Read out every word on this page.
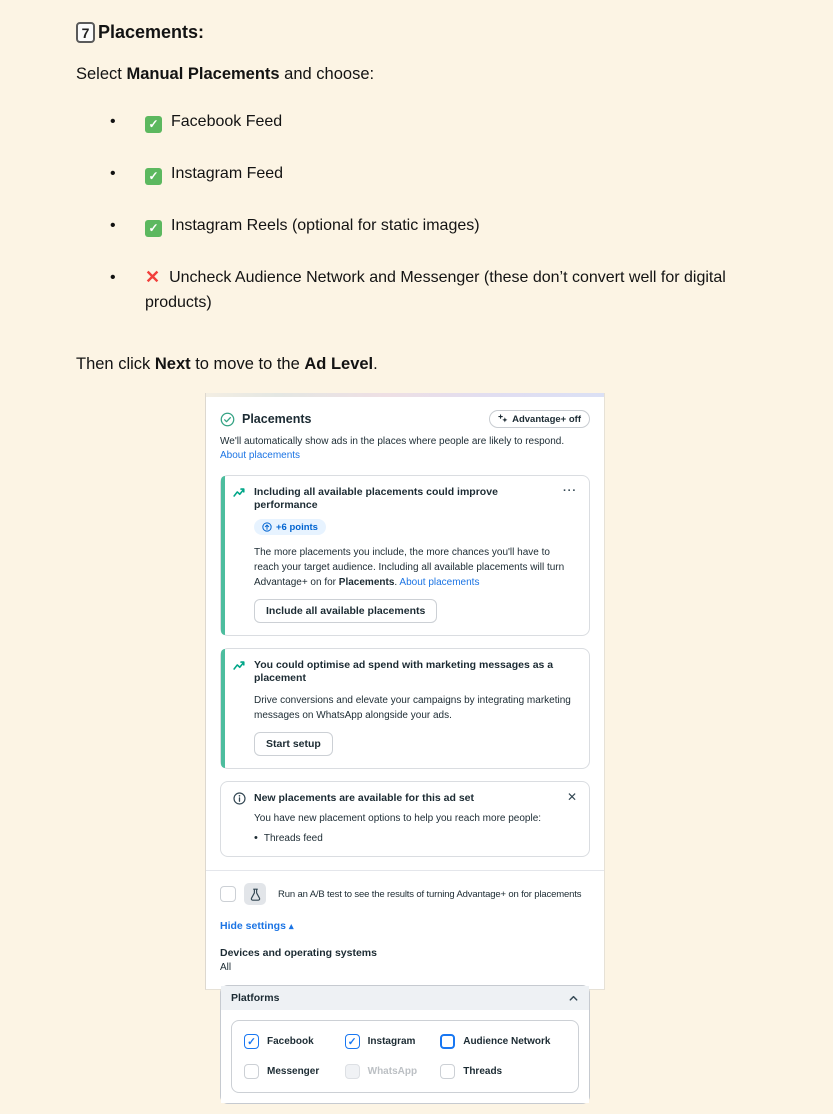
7 Placements:

Select Manual Placements and choose:

• ✓ Facebook Feed
• ✓ Instagram Feed
• ✓ Instagram Reels (optional for static images)
• ✕ Uncheck Audience Network and Messenger (these don’t convert well for digital products)

Then click Next to move to the Ad Level.

Placements	Advantage+ off

We'll automatically show ads in the places where people are likely to respond. About placements

Including all available placements could improve performance
···
+6 points

The more placements you include, the more chances you'll have to reach your target audience. Including all available placements will turn Advantage+ on for Placements. About placements

Include all available placements
You could optimise ad spend with marketing messages as a placement

Drive conversions and elevate your campaigns by integrating marketing messages on WhatsApp alongside your ads.

Start setup
New placements are available for this ad set	✕

You have new placement options to help you reach more people:

• Threads feed
Run an A/B test to see the results of turning Advantage+ on for placements
Hide settings ▴
Devices and operating systems
All
Platforms
✓
Facebook ✓	Instagram	Audience Network
Messenger	WhatsApp	Threads
